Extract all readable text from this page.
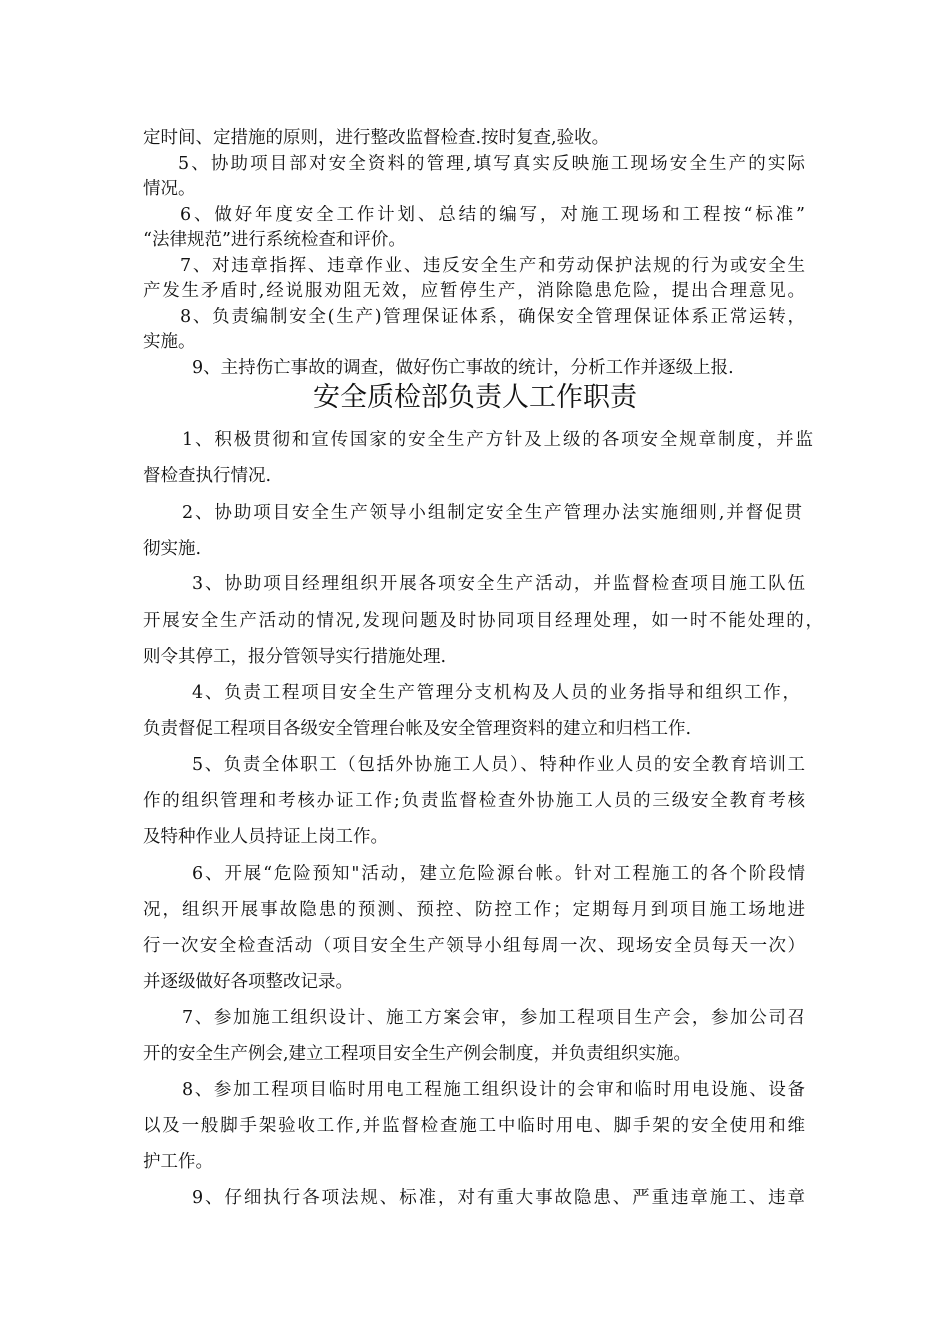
定时间、定措施的原则，进行整改监督检查.按时复查,验收。
5、协助项目部对安全资料的管理,填写真实反映施工现场安全生产的实际
情况。
6、做好年度安全工作计划、总结的编写，对施工现场和工程按“标准”
“法律规范”进行系统检查和评价。
7、对违章指挥、违章作业、违反安全生产和劳动保护法规的行为或安全生
产发生矛盾时,经说服劝阻无效，应暂停生产，消除隐患危险，提出合理意见。
8、负责编制安全(生产)管理保证体系，确保安全管理保证体系正常运转，
实施。
9、主持伤亡事故的调查，做好伤亡事故的统计，分析工作并逐级上报.
安全质检部负责人工作职责
1、积极贯彻和宣传国家的安全生产方针及上级的各项安全规章制度，并监
督检查执行情况.
2、协助项目安全生产领导小组制定安全生产管理办法实施细则,并督促贯
彻实施.
3、协助项目经理组织开展各项安全生产活动，并监督检查项目施工队伍
开展安全生产活动的情况,发现问题及时协同项目经理处理，如一时不能处理的，
则令其停工，报分管领导实行措施处理.
4、负责工程项目安全生产管理分支机构及人员的业务指导和组织工作，
负责督促工程项目各级安全管理台帐及安全管理资料的建立和归档工作.
5、负责全体职工（包括外协施工人员）、特种作业人员的安全教育培训工
作的组织管理和考核办证工作;负责监督检查外协施工人员的三级安全教育考核
及特种作业人员持证上岗工作。
6、开展“危险预知"活动，建立危险源台帐。针对工程施工的各个阶段情
况，组织开展事故隐患的预测、预控、防控工作；定期每月到项目施工场地进
行一次安全检查活动（项目安全生产领导小组每周一次、现场安全员每天一次）
并逐级做好各项整改记录。
7、参加施工组织设计、施工方案会审，参加工程项目生产会，参加公司召
开的安全生产例会,建立工程项目安全生产例会制度，并负责组织实施。
8、参加工程项目临时用电工程施工组织设计的会审和临时用电设施、设备
以及一般脚手架验收工作,并监督检查施工中临时用电、脚手架的安全使用和维
护工作。
9、仔细执行各项法规、标准，对有重大事故隐患、严重违章施工、违章
